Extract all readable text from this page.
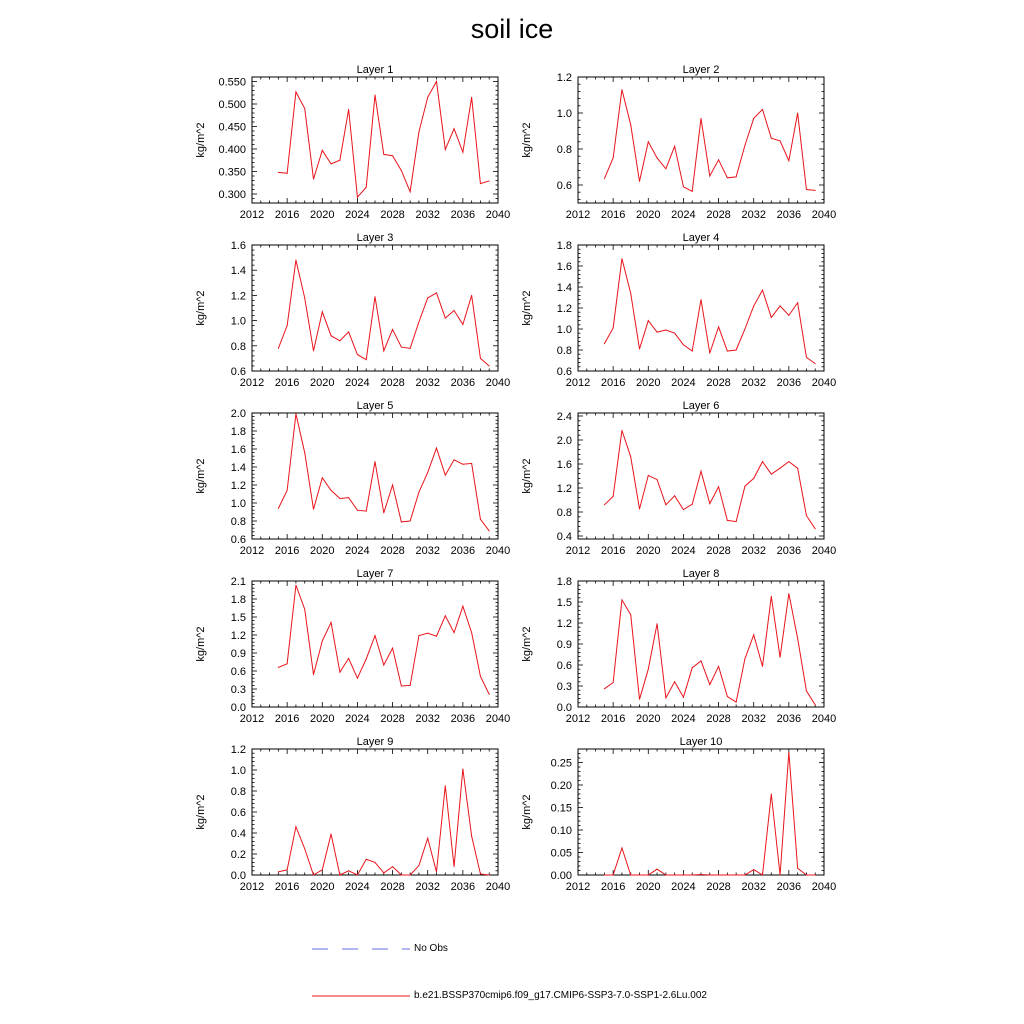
soil ice
Layer 1
kg/m^2
2012 2016 2020 2024 2028 2032 2036 2040
0.300
0.350
0.400
0.450
0.500
0.550
Layer 2
kg/m^2
2012 2016 2020 2024 2028 2032 2036 2040
0.6
0.8
1.0
1.2
Layer 3
kg/m^2
2012 2016 2020 2024 2028 2032 2036 2040
0.6
0.8
1.0
1.2
1.4
1.6
Layer 4
kg/m^2
2012 2016 2020 2024 2028 2032 2036 2040
0.6
0.8
1.0
1.2
1.4
1.6
1.8
Layer 5
kg/m^2
2012 2016 2020 2024 2028 2032 2036 2040
0.6
0.8
1.0
1.2
1.4
1.6
1.8
2.0
Layer 6
kg/m^2
2012 2016 2020 2024 2028 2032 2036 2040
0.4
0.8
1.2
1.6
2.0
2.4
Layer 7
kg/m^2
2012 2016 2020 2024 2028 2032 2036 2040
0.0
0.3
0.6
0.9
1.2
1.5
1.8
2.1
Layer 8
kg/m^2
2012 2016 2020 2024 2028 2032 2036 2040
0.0
0.3
0.6
0.9
1.2
1.5
1.8
Layer 9
kg/m^2
2012 2016 2020 2024 2028 2032 2036 2040
0.0
0.2
0.4
0.6
0.8
1.0
1.2
Layer 10
kg/m^2
2012 2016 2020 2024 2028 2032 2036 2040
0.00
0.05
0.10
0.15
0.20
0.25
No Obs
b.e21.BSSP370cmip6.f09_g17.CMIP6-SSP3-7.0-SSP1-2.6Lu.002
